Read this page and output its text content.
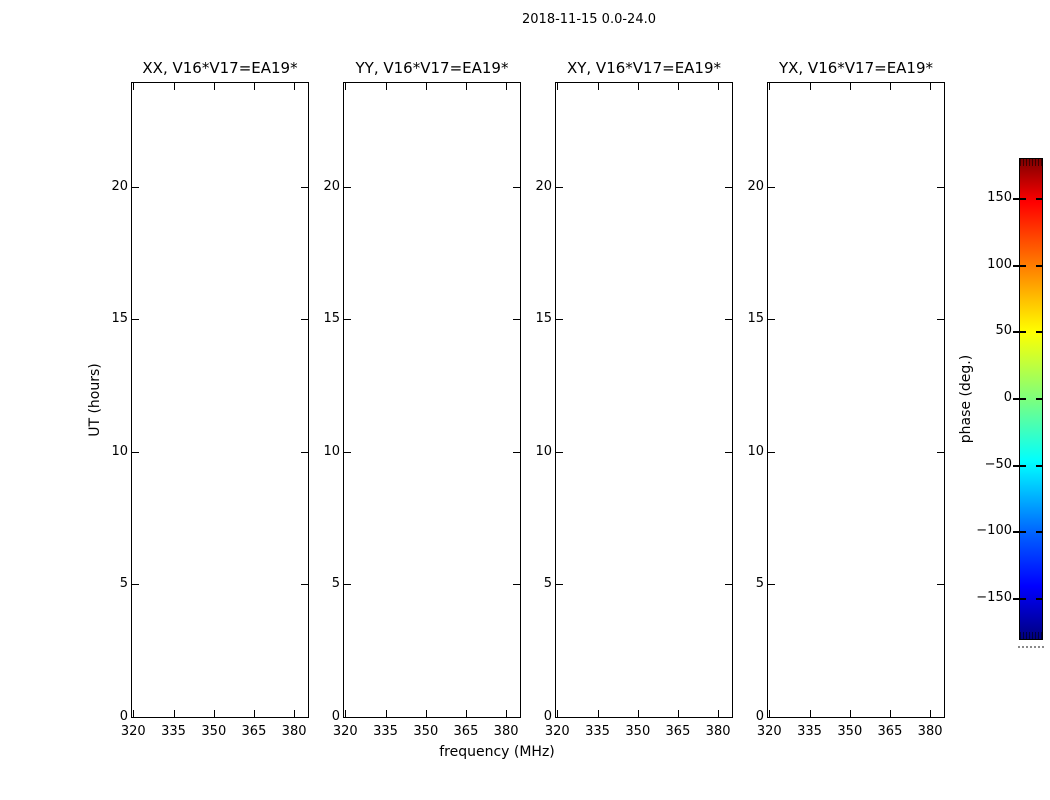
2018-11-15 0.0-24.0
XX, V16*V17=EA19*
320	335	350	365	380
0
5
10
15
20
YY, V16*V17=EA19*
320	335	350	365	380
0
5
10
15
20
XY, V16*V17=EA19*
320	335	350	365	380
0
5
10
15
20
YX, V16*V17=EA19*
320	335	350	365	380
0
5
10
15
20
UT (hours)
frequency (MHz)
150
100
50
0
−50
−100
−150
phase (deg.)
